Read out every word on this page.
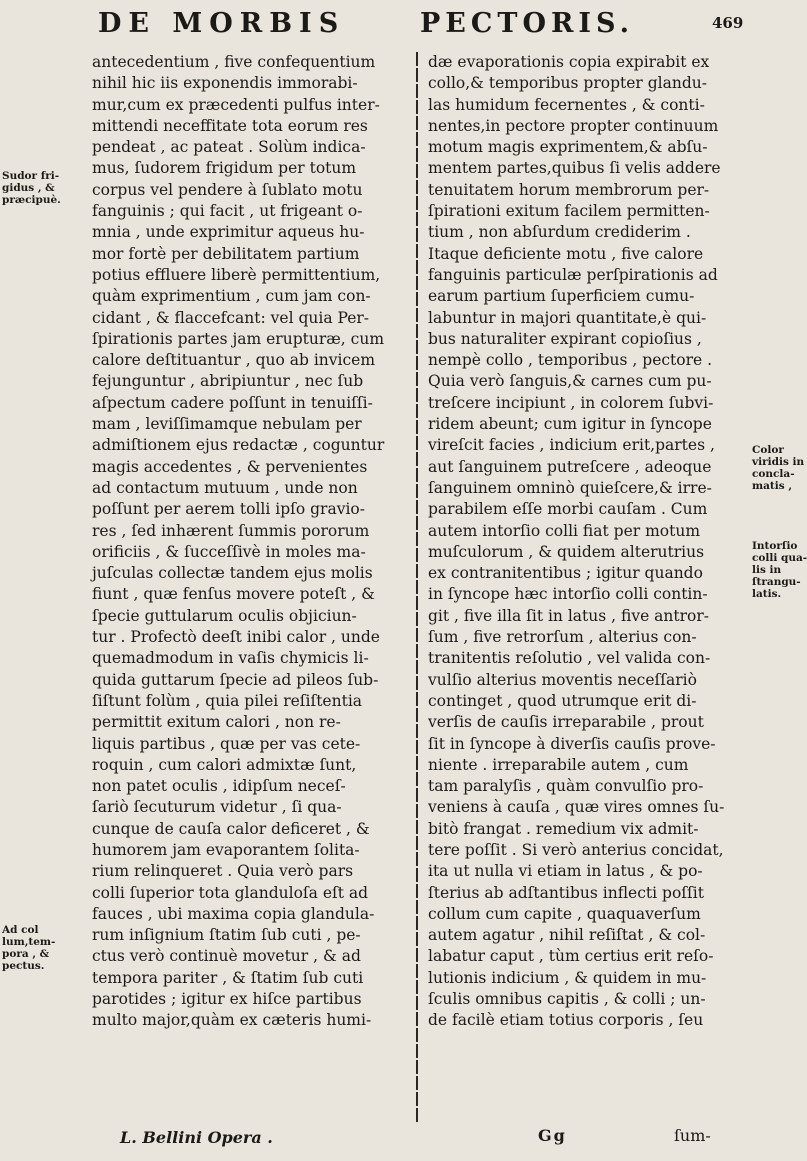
DE MORBIS	PECTORIS.	469
antecedentium , five confequentium
nihil hic iis exponendis immorabi-
mur,cum ex præcedenti pulfus inter-
mittendi neceffitate tota eorum res
pendeat , ac pateat . Solùm indica-
mus, ſudorem frigidum per totum
corpus vel pendere à ſublato motu
fanguinis ; qui facit , ut frigeant o-
mnia , unde exprimitur aqueus hu-
mor fortè per debilitatem partium
potius effluere liberè permittentium,
quàm exprimentium , cum jam con-
cidant , & flaccefcant: vel quia Per-
ſpirationis partes jam erupturæ, cum
calore deſtituantur , quo ab invicem
fejunguntur , abripiuntur , nec ſub
aſpectum cadere poſſunt in tenuiſſi-
mam , leviſſimamque nebulam per
admiſtionem ejus redactæ , coguntur
magis accedentes , & pervenientes
ad contactum mutuum , unde non
poſſunt per aerem tolli ipſo gravio-
res , ſed inhærent ſummis pororum
orificiis , & ſucceſſivè in moles ma-
juſculas collectæ tandem ejus molis
fiunt , quæ fenſus movere poteſt , &
ſpecie guttularum oculis objiciun-
tur . Profectò deeſt inibi calor , unde
quemadmodum in vaſis chymicis li-
quida guttarum ſpecie ad pileos ſub-
ſiſtunt folùm , quia pilei reſiſtentia
permittit exitum calori , non re-
liquis partibus , quæ per vas cete-
roquin , cum calori admixtæ ſunt,
non patet oculis , idipſum neceſ-
ſariò ſecuturum videtur , ſi qua-
cunque de cauſa calor deficeret , &
humorem jam evaporantem ſolita-
rium relinqueret . Quia verò pars
colli ſuperior tota glanduloſa eſt ad
fauces , ubi maxima copia glandula-
rum inſignium ſtatim ſub cuti , pe-
ctus verò continuè movetur , & ad
tempora pariter , & ſtatim ſub cuti
parotides ; igitur ex hiſce partibus
multo major,quàm ex cæteris humi-
dæ evaporationis copia expirabit ex
collo,& temporibus propter glandu-
las humidum fecernentes , & conti-
nentes,in pectore propter continuum
motum magis exprimentem,& abſu-
mentem partes,quibus ſi velis addere
tenuitatem horum membrorum per-
ſpirationi exitum facilem permitten-
tium , non abſurdum crediderim .
Itaque deficiente motu , five calore
fanguinis particulæ perſpirationis ad
earum partium ſuperficiem cumu-
labuntur in majori quantitate,è qui-
bus naturaliter expirant copioſius ,
nempè collo , temporibus , pectore .
Quia verò ſanguis,& carnes cum pu-
treſcere incipiunt , in colorem ſubvi-
ridem abeunt; cum igitur in ſyncope
vireſcit facies , indicium erit,partes ,
aut ſanguinem putreſcere , adeoque
ſanguinem omninò quieſcere,& irre-
parabilem eſſe morbi cauſam . Cum
autem intorſio colli fiat per motum
muſculorum , & quidem alterutrius
ex contranitentibus ; igitur quando
in ſyncope hæc intorſio colli contin-
git , five illa ſit in latus , five antror-
ſum , five retrorſum , alterius con-
tranitentis reſolutio , vel valida con-
vulſio alterius moventis neceſſariò
continget , quod utrumque erit di-
verſis de cauſis irreparabile , prout
ſit in ſyncope à diverſis cauſis prove-
niente . irreparabile autem , cum
tam paralyſis , quàm convulſio pro-
veniens à cauſa , quæ vires omnes ſu-
bitò frangat . remedium vix admit-
tere poſſit . Si verò anterius concidat,
ita ut nulla vi etiam in latus , & po-
ſterius ab adſtantibus inflecti poſſit
collum cum capite , quaquaverſum
autem agatur , nihil reſiſtat , & col-
labatur caput , tùm certius erit reſo-
lutionis indicium , & quidem in mu-
ſculis omnibus capitis , & colli ; un-
de facilè etiam totius corporis , ſeu
Sudor fri-
gidus , &
præcipuè.
Ad col
lum,tem-
pora , &
pectus.
Color
viridis in
concla-
matis ,
Intorſio
colli qua-
lis in
ſtrangu-
latis.
L. Bellini Opera .	Gg	ſum-
